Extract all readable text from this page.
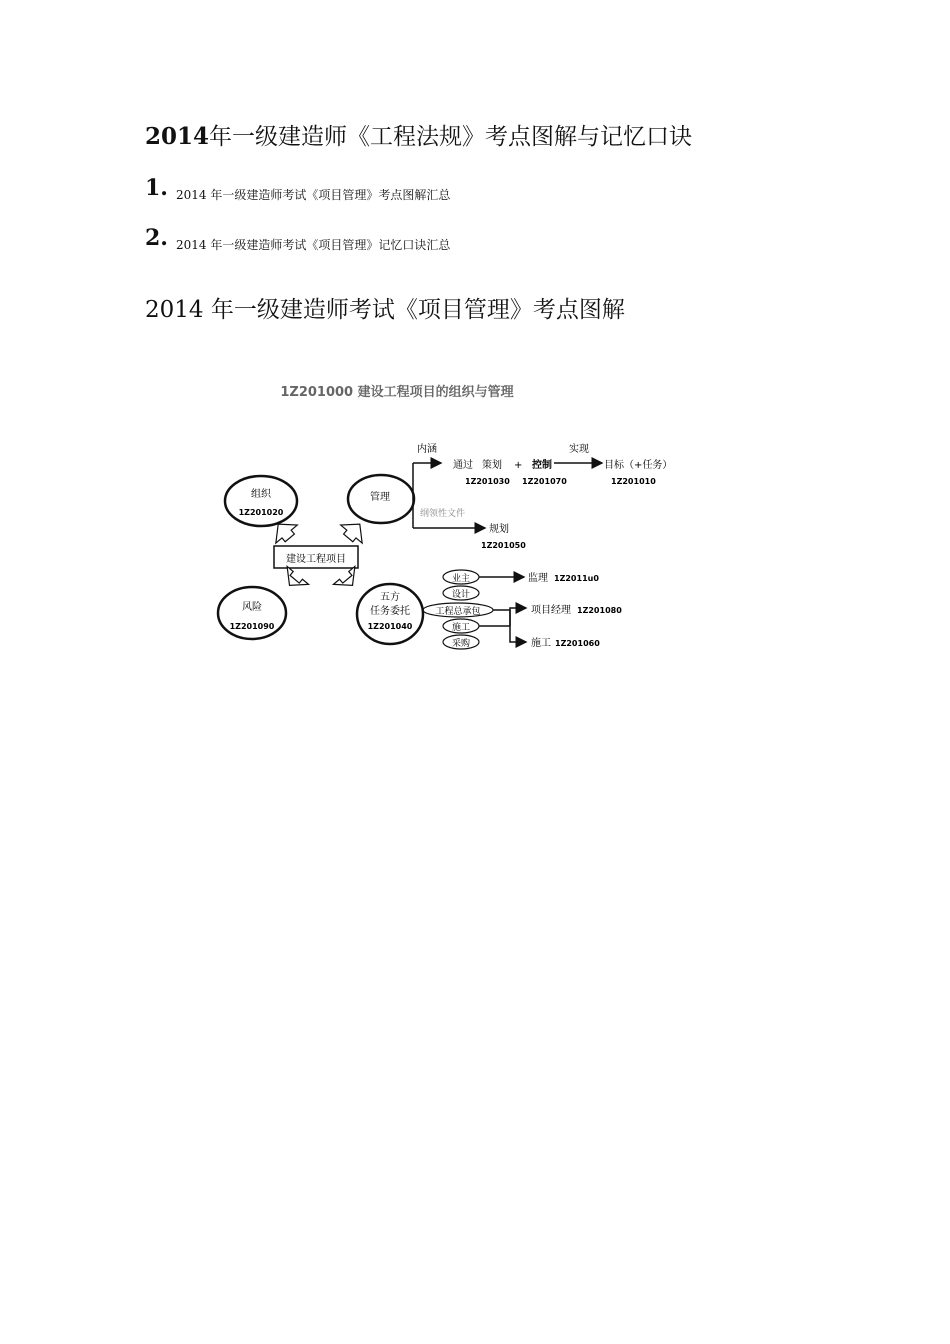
2014年一级建造师《工程法规》考点图解与记忆口诀
1. 2014 年一级建造师考试《项目管理》考点图解汇总
2. 2014 年一级建造师考试《项目管理》记忆口诀汇总
2014 年一级建造师考试《项目管理》考点图解
1Z201000 建设工程项目的组织与管理
组织
1Z201020
管理
风险
1Z201090
五方
任务委托
1Z201040
建设工程项目
内涵
通过 策划
1Z201030
+ 控制
1Z201070
实现
目标（+任务）
1Z201010
纲领性文件
规划
1Z201050
业主
设计
工程总承包
施工
采购
监理 1Z2011u0
项目经理 1Z201080
施工 1Z201060
